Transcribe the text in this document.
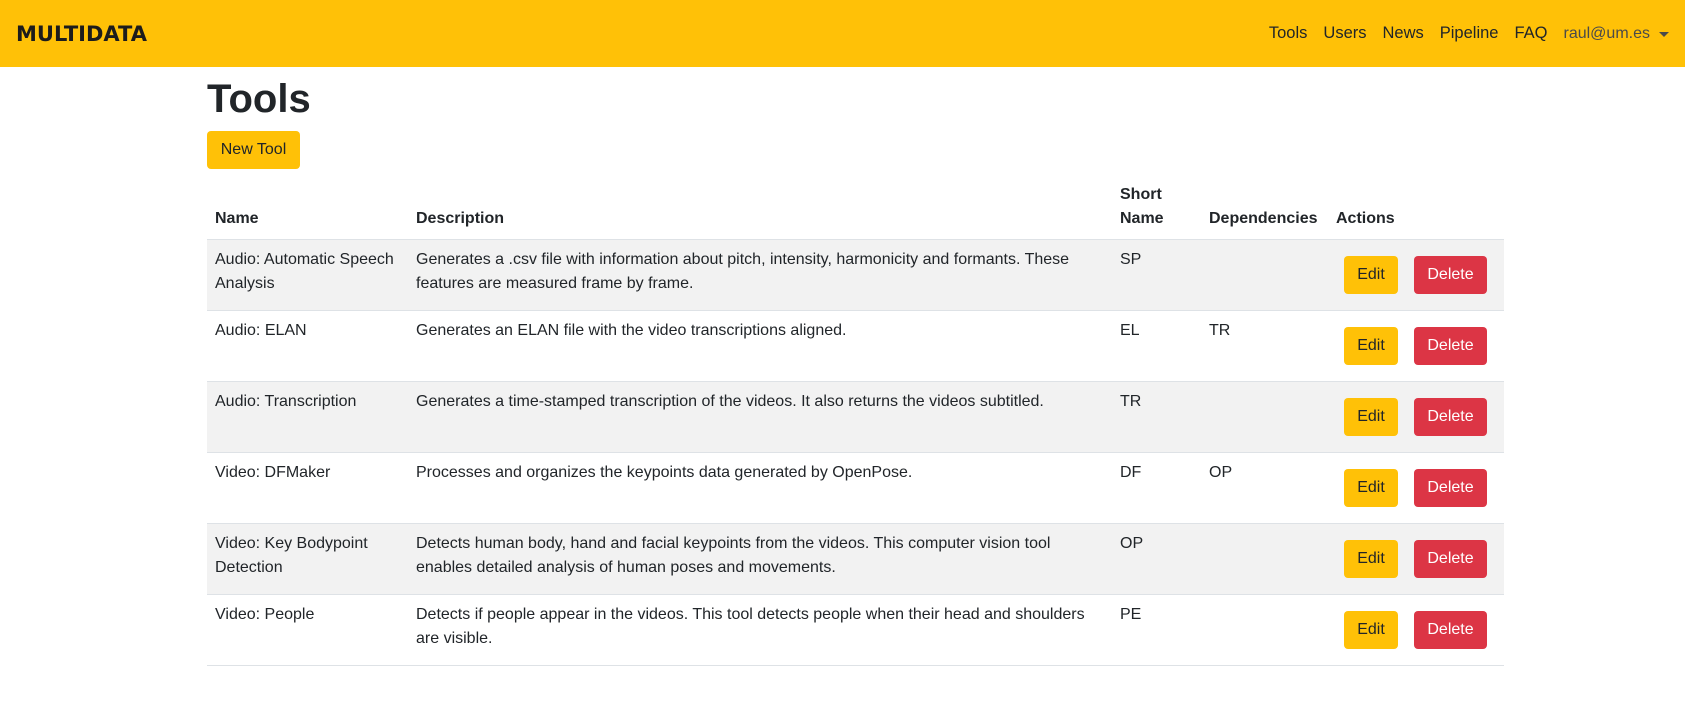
MULTIDATA	Tools Users News Pipeline FAQ raul@um.es
Tools
New Tool
Name	Description	Short Name	Dependencies	Actions
Audio: Automatic Speech Analysis	Generates a .csv file with information about pitch, intensity, harmonicity and formants. These features are measured frame by frame.	SP		Edit Delete

Audio: ELAN	Generates an ELAN file with the video transcriptions aligned.	EL	TR	Edit Delete

Audio: Transcription	Generates a time-stamped transcription of the videos. It also returns the videos subtitled.	TR		Edit Delete

Video: DFMaker	Processes and organizes the keypoints data generated by OpenPose.	DF	OP	Edit Delete

Video: Key Bodypoint Detection	Detects human body, hand and facial keypoints from the videos. This computer vision tool enables detailed analysis of human poses and movements.	OP		Edit Delete

Video: People	Detects if people appear in the videos. This tool detects people when their head and shoulders are visible.	PE		Edit Delete
